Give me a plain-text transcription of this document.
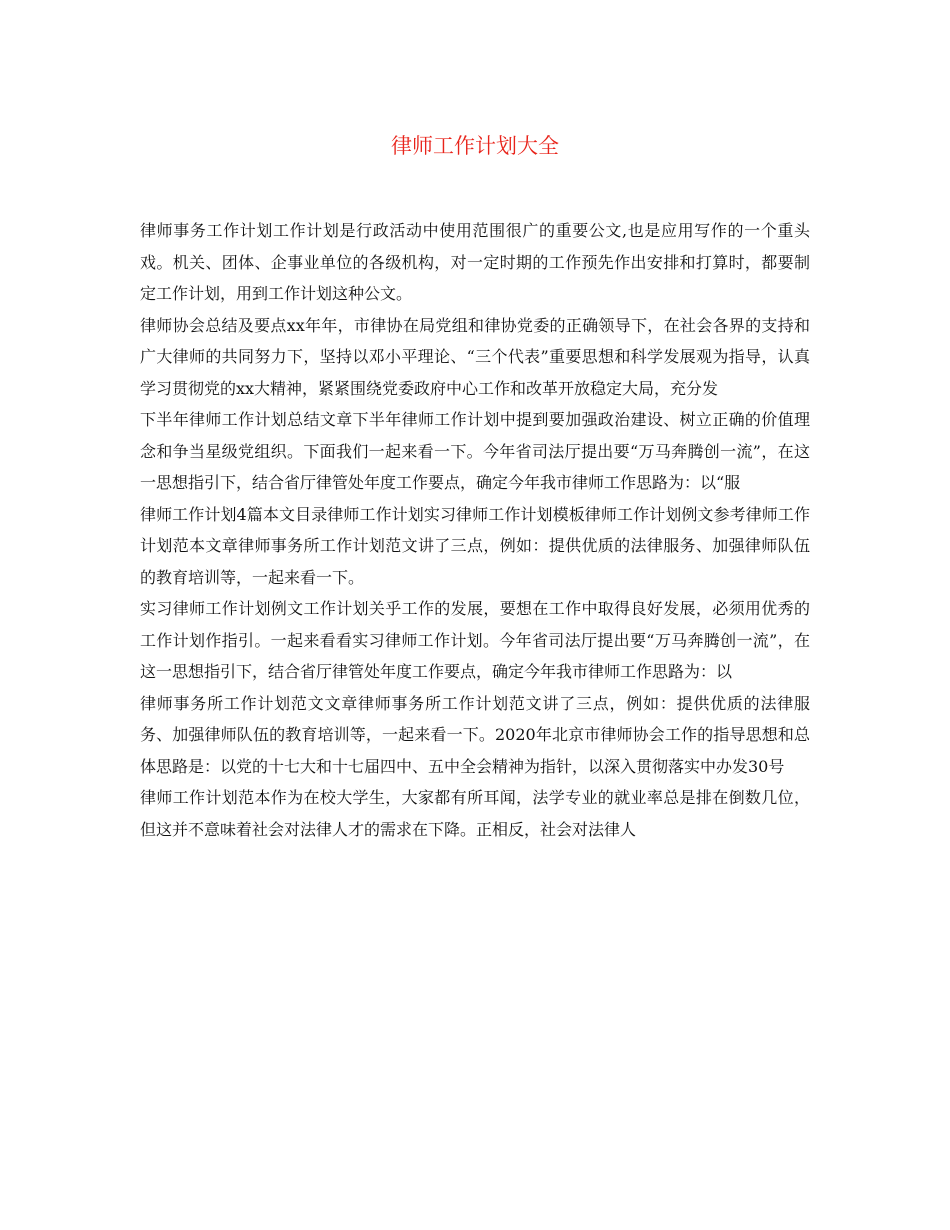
律师工作计划大全

律师事务工作计划工作计划是行政活动中使用范围很广的重要公文,也是应用写作的一个重头戏。机关、团体、企事业单位的各级机构，对一定时期的工作预先作出安排和打算时，都要制定工作计划，用到工作计划这种公文。

律师协会总结及要点xx年年，市律协在局党组和律协党委的正确领导下，在社会各界的支持和广大律师的共同努力下，坚持以邓小平理论、“三个代表”重要思想和科学发展观为指导，认真学习贯彻党的xx大精神，紧紧围绕党委政府中心工作和改革开放稳定大局，充分发

下半年律师工作计划总结文章下半年律师工作计划中提到要加强政治建设、树立正确的价值理念和争当星级党组织。下面我们一起来看一下。今年省司法厅提出要“万马奔腾创一流”，在这一思想指引下，结合省厅律管处年度工作要点，确定今年我市律师工作思路为：以“服

律师工作计划4篇本文目录律师工作计划实习律师工作计划模板律师工作计划例文参考律师工作计划范本文章律师事务所工作计划范文讲了三点，例如：提供优质的法律服务、加强律师队伍的教育培训等，一起来看一下。

实习律师工作计划例文工作计划关乎工作的发展，要想在工作中取得良好发展，必须用优秀的工作计划作指引。一起来看看实习律师工作计划。今年省司法厅提出要“万马奔腾创一流”，在这一思想指引下，结合省厅律管处年度工作要点，确定今年我市律师工作思路为：以

律师事务所工作计划范文文章律师事务所工作计划范文讲了三点，例如：提供优质的法律服务、加强律师队伍的教育培训等，一起来看一下。2020年北京市律师协会工作的指导思想和总体思路是：以党的十七大和十七届四中、五中全会精神为指针，以深入贯彻落实中办发30号

律师工作计划范本作为在校大学生，大家都有所耳闻，法学专业的就业率总是排在倒数几位，但这并不意味着社会对法律人才的需求在下降。正相反，社会对法律人
